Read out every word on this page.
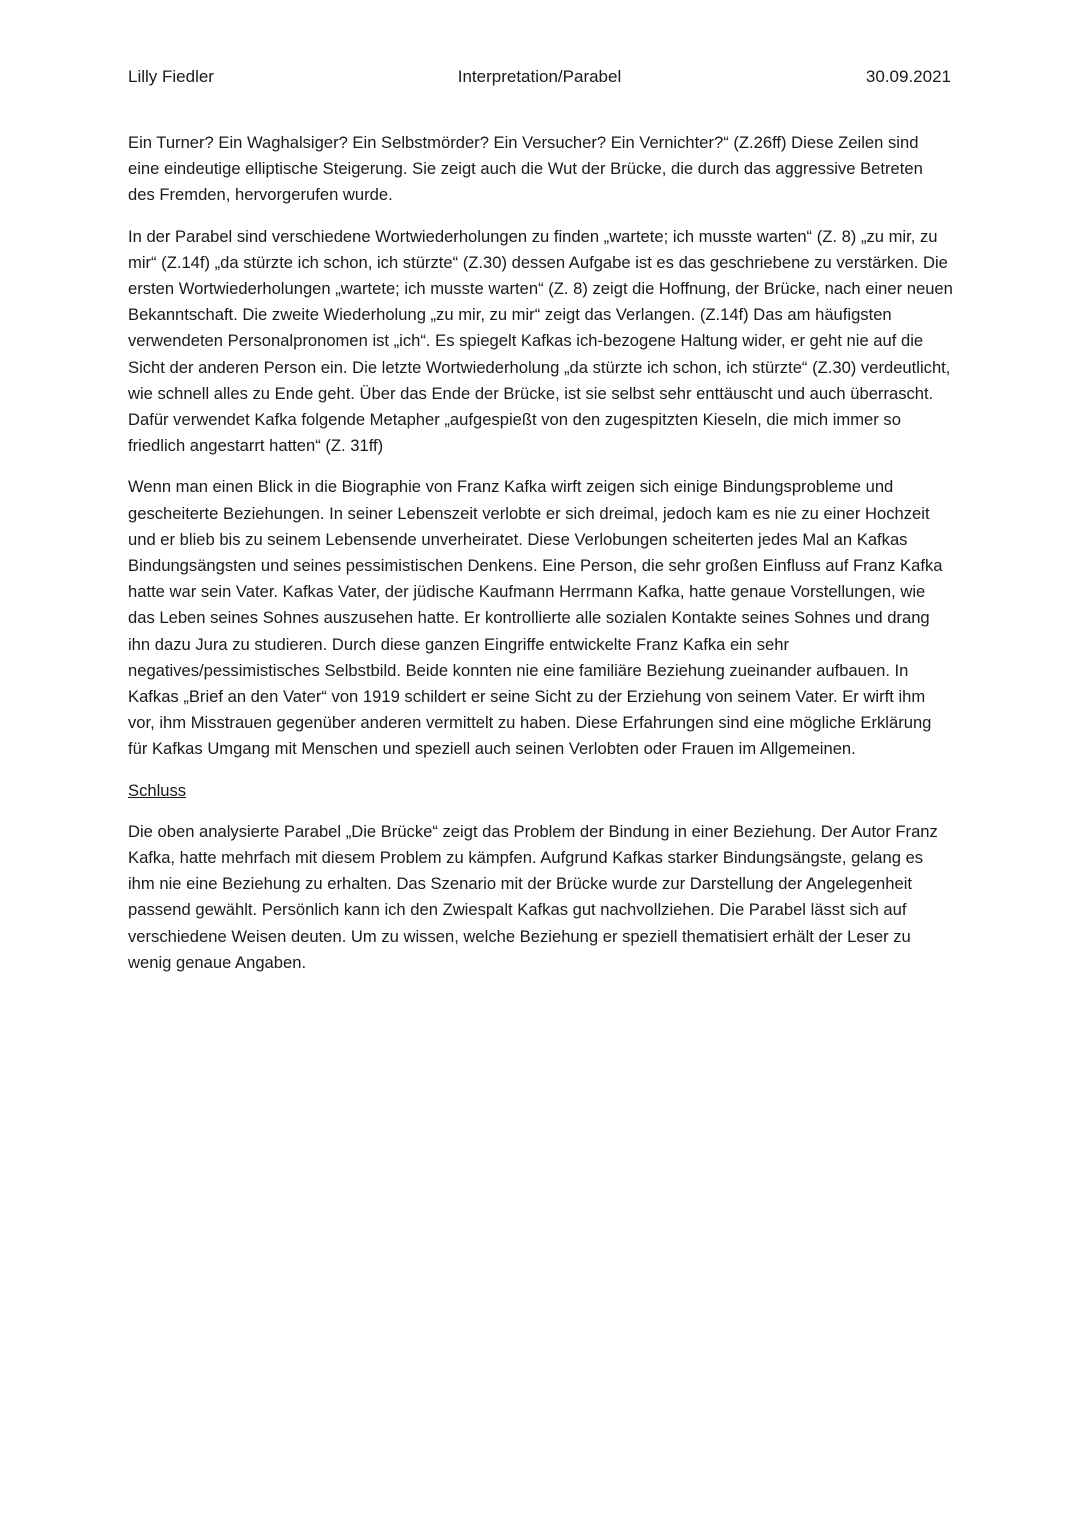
Lilly Fiedler	Interpretation/Parabel	30.09.2021

Ein Turner? Ein Waghalsiger? Ein Selbstmörder? Ein Versucher? Ein Vernichter?“ (Z.26ff) Diese Zeilen sind eine eindeutige elliptische Steigerung. Sie zeigt auch die Wut der Brücke, die durch das aggressive Betreten des Fremden, hervorgerufen wurde.

In der Parabel sind verschiedene Wortwiederholungen zu finden „wartete; ich musste warten“ (Z. 8) „zu mir, zu mir“ (Z.14f) „da stürzte ich schon, ich stürzte“ (Z.30) dessen Aufgabe ist es das geschriebene zu verstärken. Die ersten Wortwiederholungen „wartete; ich musste warten“ (Z. 8) zeigt die Hoffnung, der Brücke, nach einer neuen Bekanntschaft. Die zweite Wiederholung „zu mir, zu mir“ zeigt das Verlangen. (Z.14f) Das am häufigsten verwendeten Personalpronomen ist „ich“. Es spiegelt Kafkas ich-bezogene Haltung wider, er geht nie auf die Sicht der anderen Person ein. Die letzte Wortwiederholung „da stürzte ich schon, ich stürzte“ (Z.30) verdeutlicht, wie schnell alles zu Ende geht. Über das Ende der Brücke, ist sie selbst sehr enttäuscht und auch überrascht. Dafür verwendet Kafka folgende Metapher „aufgespießt von den zugespitzten Kieseln, die mich immer so friedlich angestarrt hatten“ (Z. 31ff)

Wenn man einen Blick in die Biographie von Franz Kafka wirft zeigen sich einige Bindungsprobleme und gescheiterte Beziehungen. In seiner Lebenszeit verlobte er sich dreimal, jedoch kam es nie zu einer Hochzeit und er blieb bis zu seinem Lebensende unverheiratet. Diese Verlobungen scheiterten jedes Mal an Kafkas Bindungsängsten und seines pessimistischen Denkens. Eine Person, die sehr großen Einfluss auf Franz Kafka hatte war sein Vater. Kafkas Vater, der jüdische Kaufmann Herrmann Kafka, hatte genaue Vorstellungen, wie das Leben seines Sohnes auszusehen hatte. Er kontrollierte alle sozialen Kontakte seines Sohnes und drang ihn dazu Jura zu studieren. Durch diese ganzen Eingriffe entwickelte Franz Kafka ein sehr negatives/pessimistisches Selbstbild. Beide konnten nie eine familiäre Beziehung zueinander aufbauen. In Kafkas „Brief an den Vater“ von 1919 schildert er seine Sicht zu der Erziehung von seinem Vater. Er wirft ihm vor, ihm Misstrauen gegenüber anderen vermittelt zu haben. Diese Erfahrungen sind eine mögliche Erklärung für Kafkas Umgang mit Menschen und speziell auch seinen Verlobten oder Frauen im Allgemeinen.

Schluss

Die oben analysierte Parabel „Die Brücke“ zeigt das Problem der Bindung in einer Beziehung. Der Autor Franz Kafka, hatte mehrfach mit diesem Problem zu kämpfen. Aufgrund Kafkas starker Bindungsängste, gelang es ihm nie eine Beziehung zu erhalten. Das Szenario mit der Brücke wurde zur Darstellung der Angelegenheit passend gewählt. Persönlich kann ich den Zwiespalt Kafkas gut nachvollziehen. Die Parabel lässt sich auf verschiedene Weisen deuten. Um zu wissen, welche Beziehung er speziell thematisiert erhält der Leser zu wenig genaue Angaben.
